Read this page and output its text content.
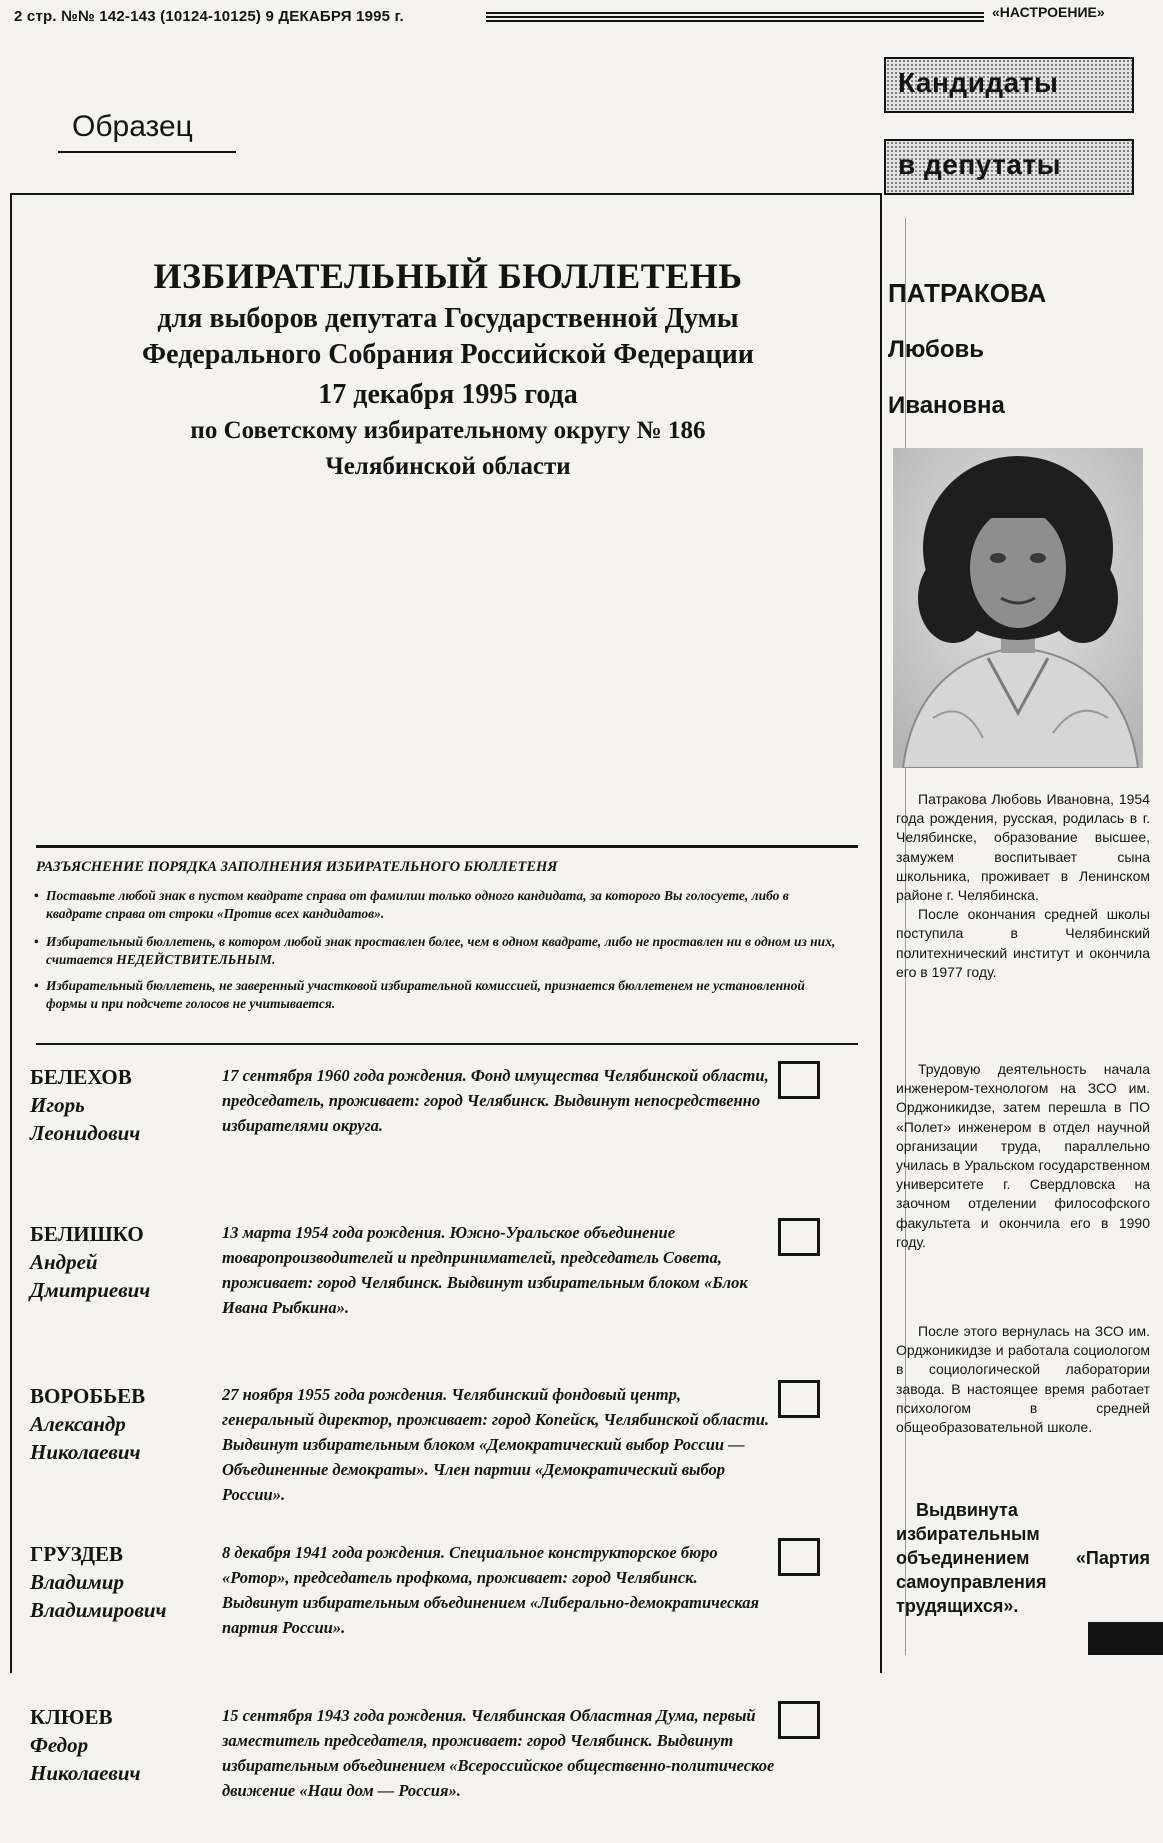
2 стр. №№ 142-143 (10124-10125) 9 ДЕКАБРЯ 1995 г.	«НАСТРОЕНИЕ»
Образец
ИЗБИРАТЕЛЬНЫЙ БЮЛЛЕТЕНЬ
для выборов депутата Государственной Думы
Федерального Собрания Российской Федерации
17 декабря 1995 года
по Советскому избирательному округу № 186
Челябинской области
РАЗЪЯСНЕНИЕ ПОРЯДКА ЗАПОЛНЕНИЯ ИЗБИРАТЕЛЬНОГО БЮЛЛЕТЕНЯ
• Поставьте любой знак в пустом квадрате справа от фамилии только одного кандидата, за которого Вы голосуете, либо в квадрате справа от строки «Против всех кандидатов».
• Избирательный бюллетень, в котором любой знак проставлен более, чем в одном квадрате, либо не проставлен ни в одном из них, считается НЕДЕЙСТВИТЕЛЬНЫМ.
• Избирательный бюллетень, не заверенный участковой избирательной комиссией, признается бюллетенем не установленной формы и при подсчете голосов не учитывается.
БЕЛЕХОВ
Игорь
Леонидович
17 сентября 1960 года рождения. Фонд имущества Челябинской области, председатель, проживает: город Челябинск. Выдвинут непосредственно избирателями округа.
БЕЛИШКО
Андрей
Дмитриевич
13 марта 1954 года рождения. Южно-Уральское объединение товаропроизводителей и предпринимателей, председатель Совета, проживает: город Челябинск. Выдвинут избирательным блоком «Блок Ивана Рыбкина».
ВОРОБЬЕВ
Александр
Николаевич
27 ноября 1955 года рождения. Челябинский фондовый центр, генеральный директор, проживает: город Копейск, Челябинской области. Выдвинут избирательным блоком «Демократический выбор России — Объединенные демократы». Член партии «Демократический выбор России».
ГРУЗДЕВ
Владимир
Владимирович
8 декабря 1941 года рождения. Специальное конструкторское бюро «Ротор», председатель профкома, проживает: город Челябинск. Выдвинут избирательным объединением «Либерально-демократическая партия России».
КЛЮЕВ
Федор
Николаевич
15 сентября 1943 года рождения. Челябинская Областная Дума, первый заместитель председателя, проживает: город Челябинск. Выдвинут избирательным объединением «Всероссийское общественно-политическое движение «Наш дом — Россия».
Кандидаты
в депутаты
ПАТРАКОВА
Любовь
Ивановна

Патракова Любовь Ивановна, 1954 года рождения, русская, родилась в г. Челябинске, образование высшее, замужем воспитывает сына школьника, проживает в Ленинском районе г. Челябинска.

После окончания средней школы поступила в Челябинский политехнический институт и окончила его в 1977 году.

Трудовую деятельность начала инженером-технологом на ЗСО им. Орджоникидзе, затем перешла в ПО «Полет» инженером в отдел научной организации труда, параллельно училась в Уральском государственном университете г. Свердловска на заочном отделении философского факультета и окончила его в 1990 году.

После этого вернулась на ЗСО им. Орджоникидзе и работала социологом в социологической лаборатории завода. В настоящее время работает психологом в средней общеобразовательной школе.

Выдвинута избирательным объединением «Партия самоуправления трудящихся».
